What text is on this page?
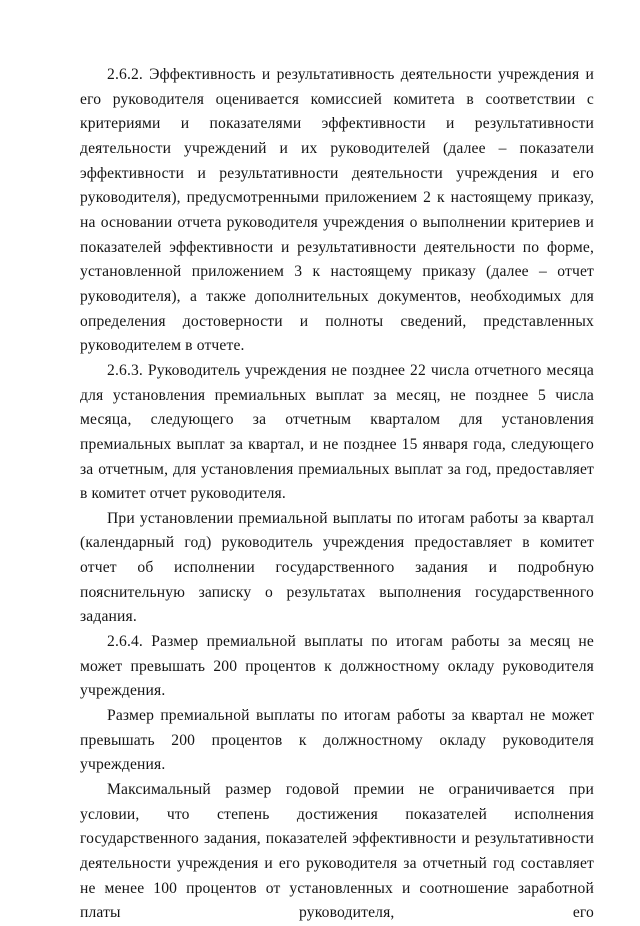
2.6.2. Эффективность и результативность деятельности учреждения и его руководителя оценивается комиссией комитета в соответствии с критериями и показателями эффективности и результативности деятельности учреждений и их руководителей (далее – показатели эффективности и результативности деятельности учреждения и его руководителя), предусмотренными приложением 2 к настоящему приказу, на основании отчета руководителя учреждения о выполнении критериев и показателей эффективности и результативности деятельности по форме, установленной приложением 3 к настоящему приказу (далее – отчет руководителя), а также дополнительных документов, необходимых для определения достоверности и полноты сведений, представленных руководителем в отчете.

2.6.3. Руководитель учреждения не позднее 22 числа отчетного месяца для установления премиальных выплат за месяц, не позднее 5 числа месяца, следующего за отчетным кварталом для установления премиальных выплат за квартал, и не позднее 15 января года, следующего за отчетным, для установления премиальных выплат за год, предоставляет в комитет отчет руководителя.

При установлении премиальной выплаты по итогам работы за квартал (календарный год) руководитель учреждения предоставляет в комитет отчет об исполнении государственного задания и подробную пояснительную записку о результатах выполнения государственного задания.

2.6.4. Размер премиальной выплаты по итогам работы за месяц не может превышать 200 процентов к должностному окладу руководителя учреждения.

Размер премиальной выплаты по итогам работы за квартал не может превышать 200 процентов к должностному окладу руководителя учреждения.

Максимальный размер годовой премии не ограничивается при условии, что степень достижения показателей исполнения государственного задания, показателей эффективности и результативности деятельности учреждения и его руководителя за отчетный год составляет не менее 100 процентов от установленных и соотношение заработной платы руководителя, его
